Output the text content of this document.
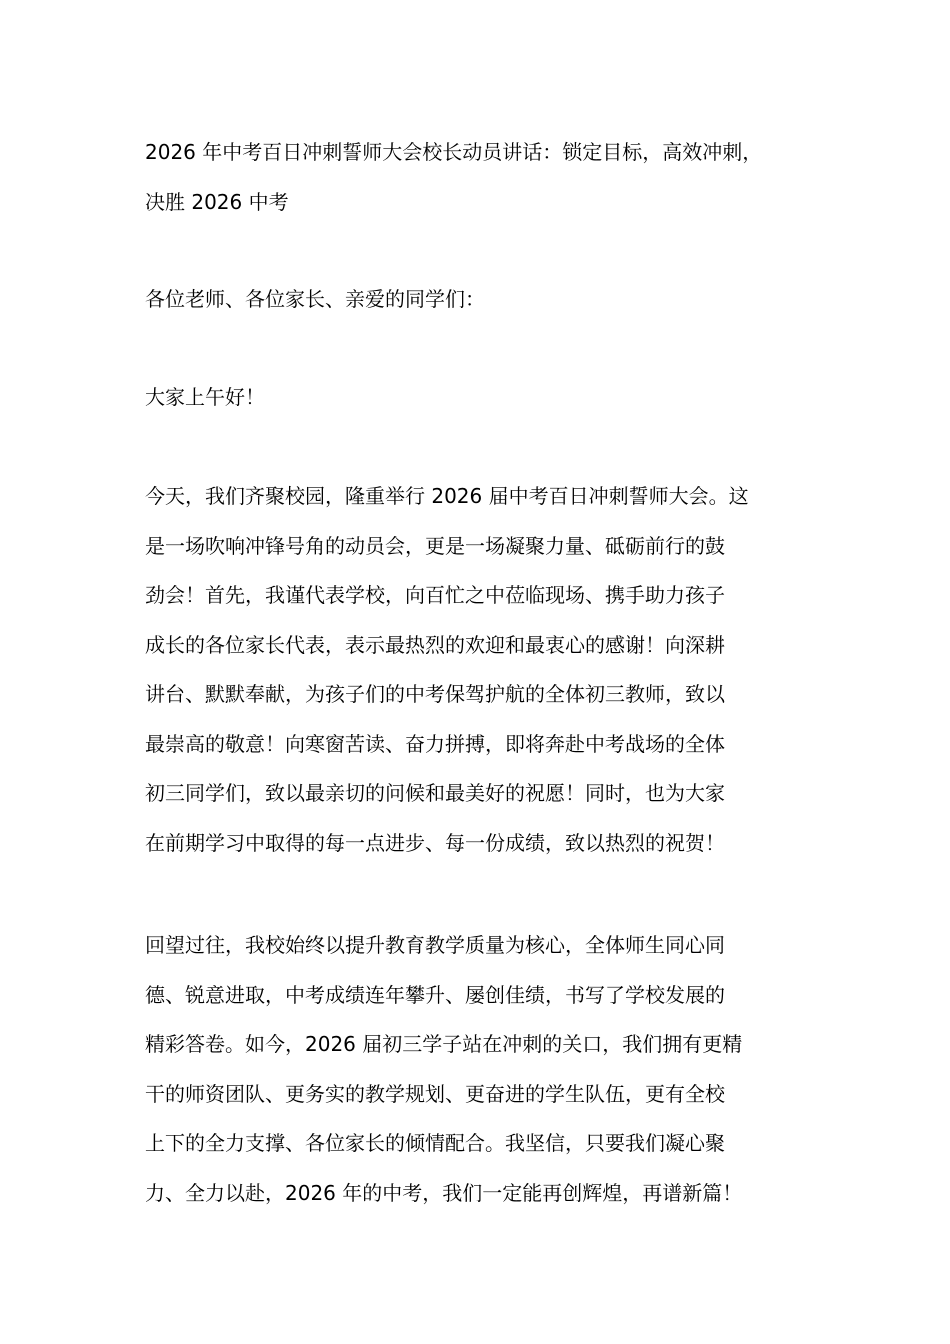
2026 年中考百日冲刺誓师大会校长动员讲话：锁定目标，高效冲刺，
决胜 2026 中考
各位老师、各位家长、亲爱的同学们：
大家上午好！
今天，我们齐聚校园，隆重举行 2026 届中考百日冲刺誓师大会。这
是一场吹响冲锋号角的动员会，更是一场凝聚力量、砥砺前行的鼓
劲会！首先，我谨代表学校，向百忙之中莅临现场、携手助力孩子
成长的各位家长代表，表示最热烈的欢迎和最衷心的感谢！向深耕
讲台、默默奉献，为孩子们的中考保驾护航的全体初三教师，致以
最崇高的敬意！向寒窗苦读、奋力拼搏，即将奔赴中考战场的全体
初三同学们，致以最亲切的问候和最美好的祝愿！同时，也为大家
在前期学习中取得的每一点进步、每一份成绩，致以热烈的祝贺！
回望过往，我校始终以提升教育教学质量为核心，全体师生同心同
德、锐意进取，中考成绩连年攀升、屡创佳绩，书写了学校发展的
精彩答卷。如今，2026 届初三学子站在冲刺的关口，我们拥有更精
干的师资团队、更务实的教学规划、更奋进的学生队伍，更有全校
上下的全力支撑、各位家长的倾情配合。我坚信，只要我们凝心聚
力、全力以赴，2026 年的中考，我们一定能再创辉煌，再谱新篇！
